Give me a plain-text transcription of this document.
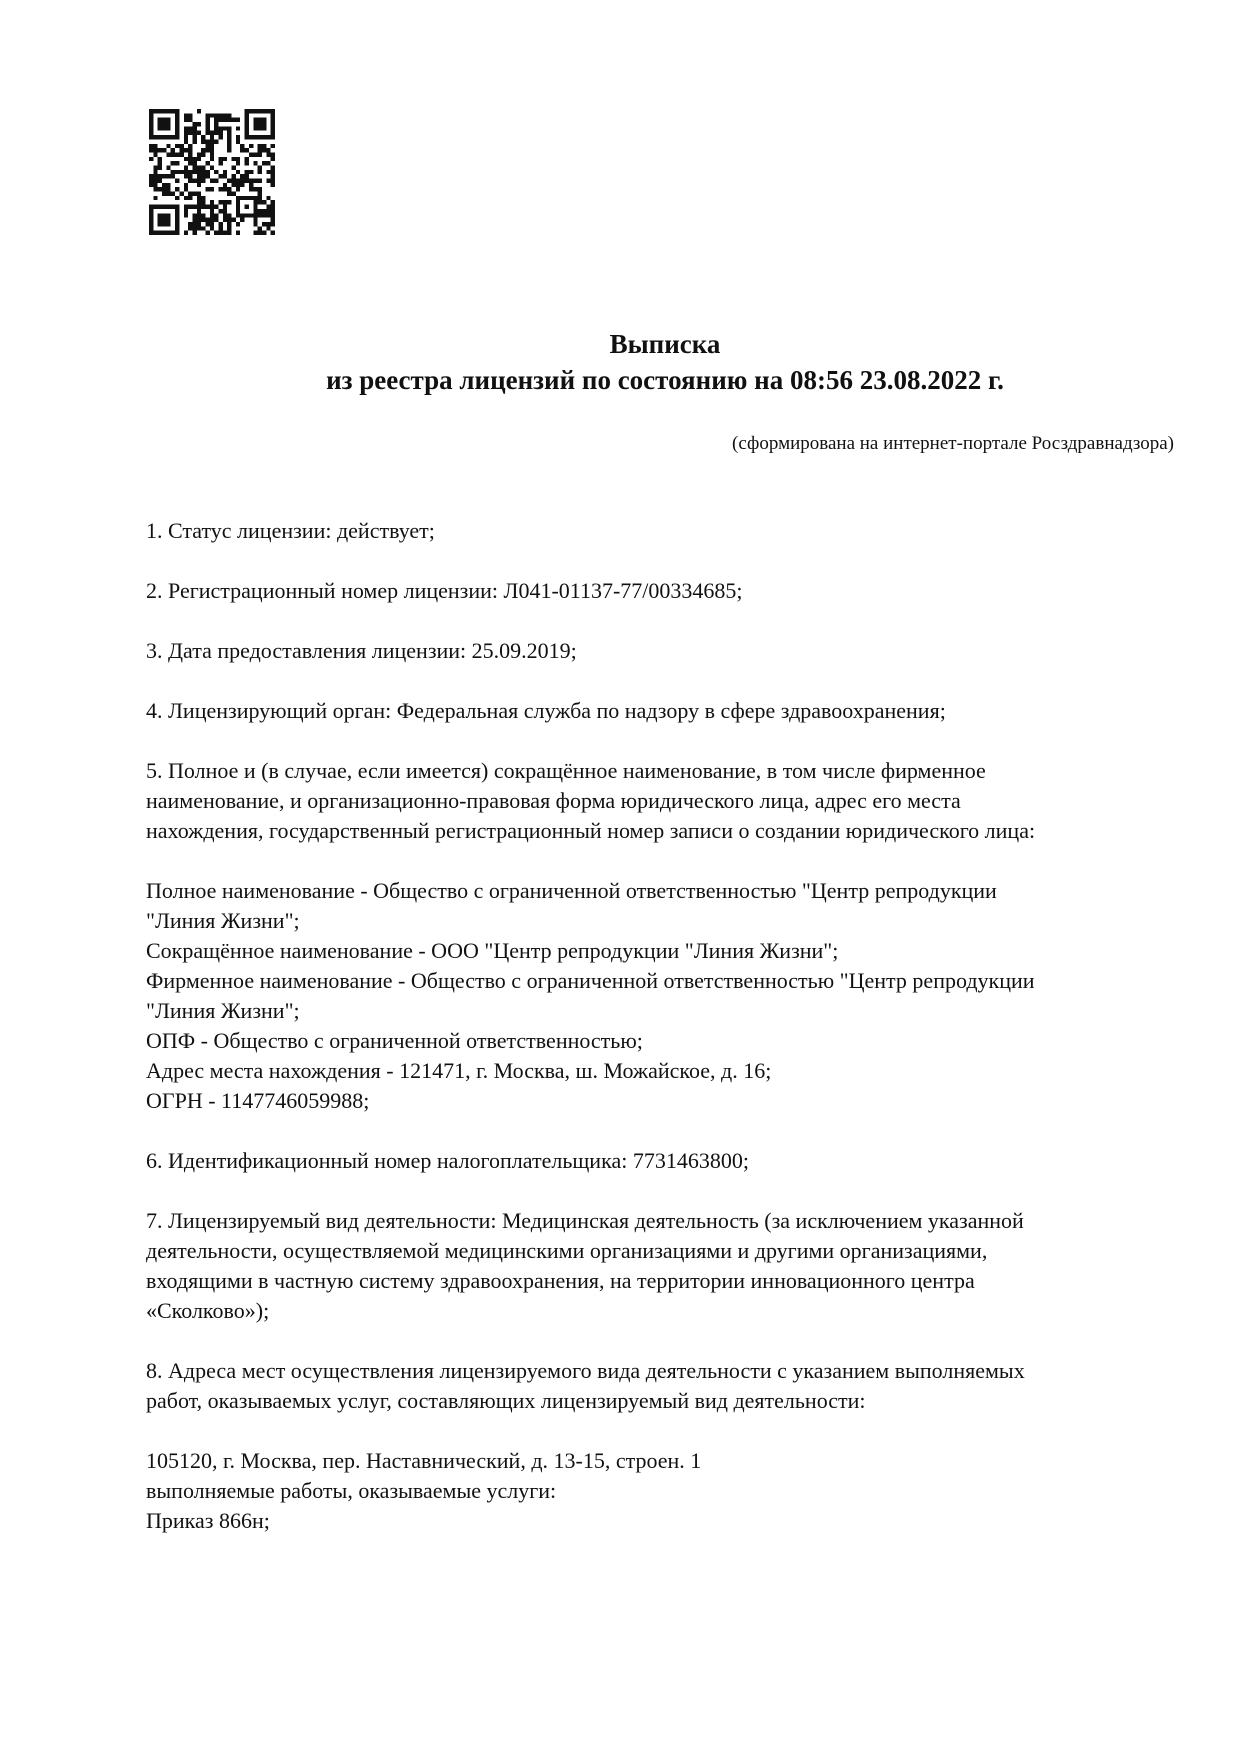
Выписка
из реестра лицензий по состоянию на 08:56 23.08.2022 г.
(сформирована на интернет-портале Росздравнадзора)
1. Статус лицензии: действует;
2. Регистрационный номер лицензии: Л041-01137-77/00334685;
3. Дата предоставления лицензии: 25.09.2019;
4. Лицензирующий орган: Федеральная служба по надзору в сфере здравоохранения;
5. Полное и (в случае, если имеется) сокращённое наименование, в том числе фирменное
наименование, и организационно-правовая форма юридического лица, адрес его места
нахождения, государственный регистрационный номер записи о создании юридического лица:
Полное наименование - Общество с ограниченной ответственностью "Центр репродукции
"Линия Жизни";
Сокращённое наименование - ООО "Центр репродукции "Линия Жизни";
Фирменное наименование - Общество с ограниченной ответственностью "Центр репродукции
"Линия Жизни";
ОПФ - Общество с ограниченной ответственностью;
Адрес места нахождения - 121471, г. Москва, ш. Можайское, д. 16;
ОГРН - 1147746059988;
6. Идентификационный номер налогоплательщика: 7731463800;
7. Лицензируемый вид деятельности: Медицинская деятельность (за исключением указанной
деятельности, осуществляемой медицинскими организациями и другими организациями,
входящими в частную систему здравоохранения, на территории инновационного центра
«Сколково»);
8. Адреса мест осуществления лицензируемого вида деятельности с указанием выполняемых
работ, оказываемых услуг, составляющих лицензируемый вид деятельности:
105120, г. Москва, пер. Наставнический, д. 13-15, строен. 1
выполняемые работы, оказываемые услуги:
Приказ 866н;
